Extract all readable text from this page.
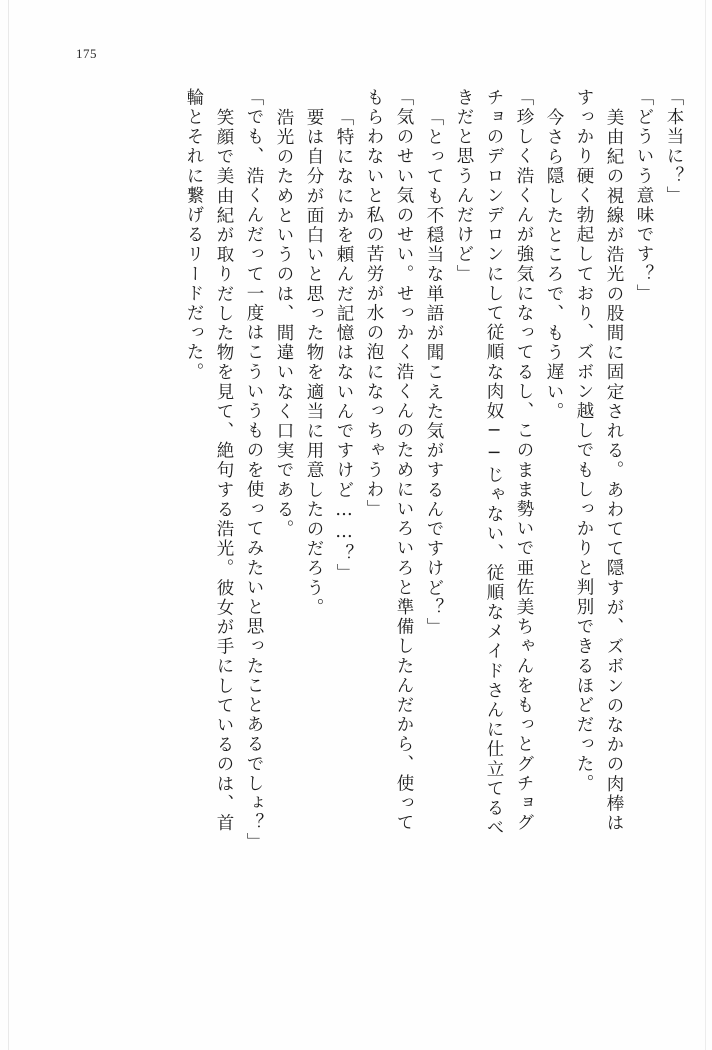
175
「本当に？」
「どういう意味です？」
美由紀の視線が浩光の股間に固定される。あわてて隠すが、ズボンのなかの肉棒は
すっかり硬く勃起しており、ズボン越しでもしっかりと判別できるほどだった。
今さら隠したところで、もう遅い。
「珍しく浩くんが強気になってるし、このまま勢いで亜佐美ちゃんをもっとグチョグ
チョのデロンデロンにして従順な肉奴──じゃない、従順なメイドさんに仕立てるべ
きだと思うんだけど」
「とっても不穏当な単語が聞こえた気がするんですけど？」
「気のせい気のせい。せっかく浩くんのためにいろいろと準備したんだから、使って
もらわないと私の苦労が水の泡になっちゃうわ」
「特になにかを頼んだ記憶はないんですけど……？」
要は自分が面白いと思った物を適当に用意したのだろう。
浩光のためというのは、間違いなく口実である。
「でも、浩くんだって一度はこういうものを使ってみたいと思ったことあるでしょ？」
笑顔で美由紀が取りだした物を見て、絶句する浩光。彼女が手にしているのは、首
輪とそれに繋げるリードだった。
